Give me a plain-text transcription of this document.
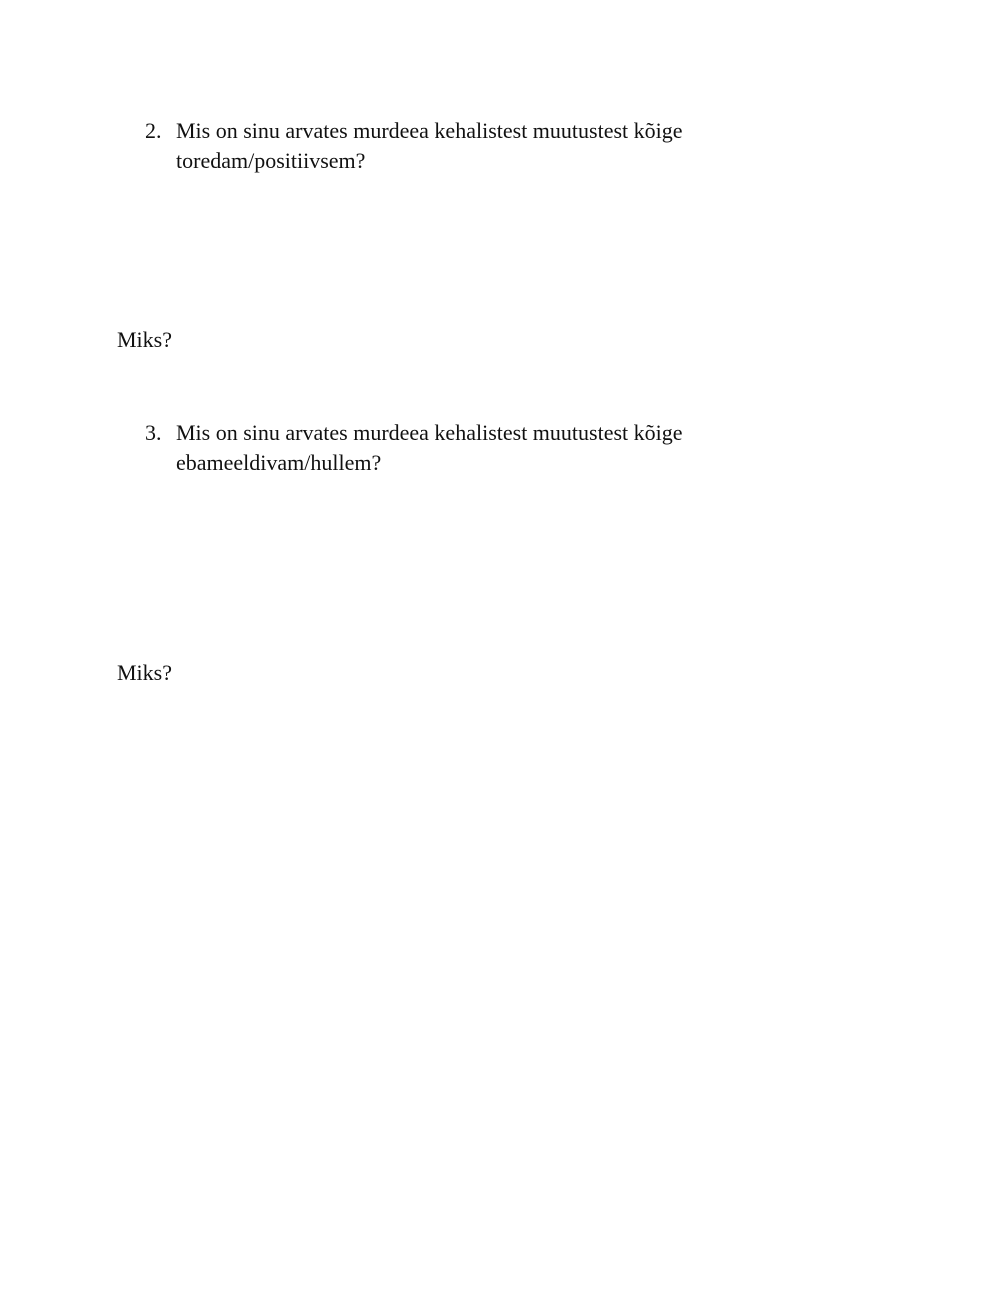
2. Mis on sinu arvates murdeea kehalistest muutustest kõige toredam/positiivsem?
Miks?
3. Mis on sinu arvates murdeea kehalistest muutustest kõige ebameeldivam/hullem?
Miks?
